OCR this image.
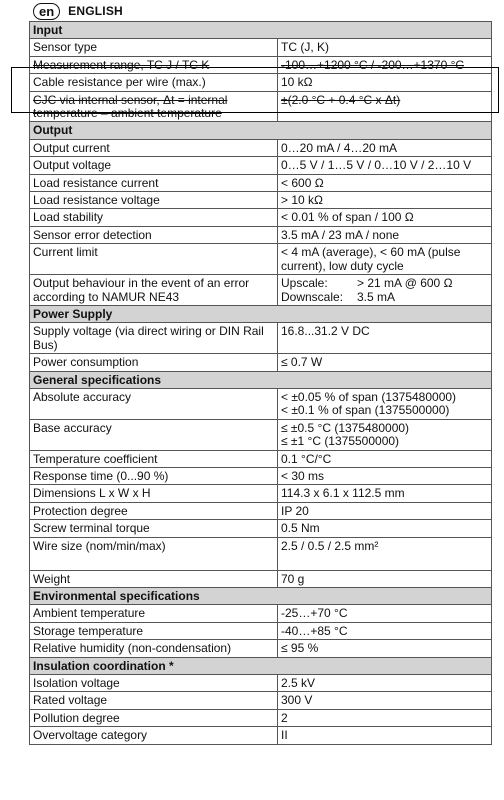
en	ENGLISH
Input	
Sensor type	TC (J, K)

Measurement range, TC J / TC K	-100…+1200 °C / -200…+1370 °C

Cable resistance per wire (max.)	10 kΩ

CJC via internal sensor, Δt = internal temperature – ambient temperature	±(2.0 °C + 0.4 °C x Δt)

Output	
Output current	0…20 mA / 4…20 mA

Output voltage	0…5 V / 1…5 V / 0…10 V / 2…10 V

Load resistance current	< 600 Ω

Load resistance voltage	> 10 kΩ

Load stability	< 0.01 % of span / 100 Ω

Sensor error detection	3.5 mA / 23 mA / none

Current limit	< 4 mA (average), < 60 mA (pulse current), low duty cycle

Output behaviour in the event of an error according to NAMUR NE43	Upscale: > 21 mA @ 600 Ω
Downscale: 3.5 mA

Power Supply	
Supply voltage (via direct wiring or DIN Rail Bus)	16.8...31.2 V DC

Power consumption	≤ 0.7 W

General specifications	
Absolute accuracy	< ±0.05 % of span (1375480000)
< ±0.1 % of span (1375500000)

Base accuracy	≤ ±0.5 °C (1375480000)
≤ ±1 °C (1375500000)

Temperature coefficient	0.1 °C/°C

Response time (0...90 %)	< 30 ms

Dimensions L x W x H	114.3 x 6.1 x 112.5 mm

Protection degree	IP 20

Screw terminal torque	0.5 Nm

Wire size (nom/min/max)	2.5 / 0.5 / 2.5 mm²

Weight	70 g

Environmental specifications	
Ambient temperature	-25…+70 °C

Storage temperature	-40…+85 °C

Relative humidity (non-condensation)	≤ 95 %

Insulation coordination *	
Isolation voltage	2.5 kV

Rated voltage	300 V

Pollution degree	2

Overvoltage category	II
